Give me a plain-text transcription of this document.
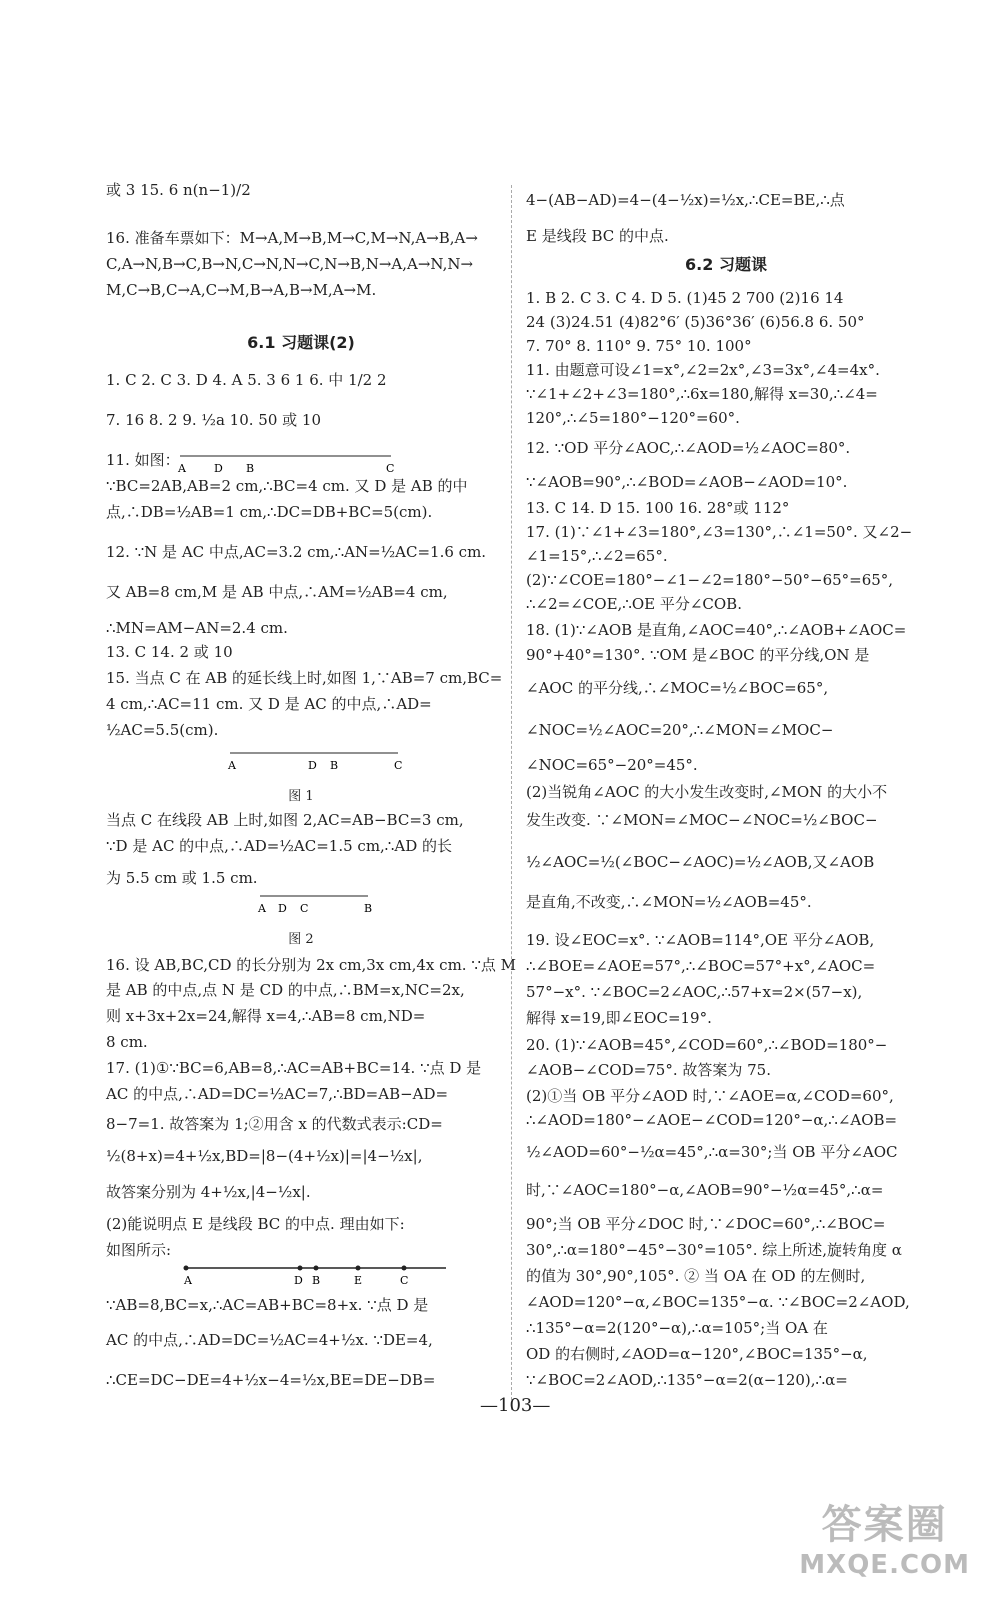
A	D B	C
A	D B	C
A D C	B
A	D B	E	C
或 3 15. 6 n(n−1)/2
16. 准备车票如下：M→A,M→B,M→C,M→N,A→B,A→
C,A→N,B→C,B→N,C→N,N→C,N→B,N→A,A→N,N→
M,C→B,C→A,C→M,B→A,B→M,A→M.
6.1 习题课(2)
1. C 2. C 3. D 4. A 5. 3 6 1 6. 中 1/2 2
7. 16 8. 2 9. ½a 10. 50 或 10
11. 如图：
∵BC=2AB,AB=2 cm,∴BC=4 cm. 又 D 是 AB 的中
点,∴DB=½AB=1 cm,∴DC=DB+BC=5(cm).
12. ∵N 是 AC 中点,AC=3.2 cm,∴AN=½AC=1.6 cm.
又 AB=8 cm,M 是 AB 中点,∴AM=½AB=4 cm,
∴MN=AM−AN=2.4 cm.
13. C 14. 2 或 10
15. 当点 C 在 AB 的延长线上时,如图 1,∵AB=7 cm,BC=
4 cm,∴AC=11 cm. 又 D 是 AC 的中点,∴AD=
½AC=5.5(cm).
图 1
当点 C 在线段 AB 上时,如图 2,AC=AB−BC=3 cm,
∵D 是 AC 的中点,∴AD=½AC=1.5 cm,∴AD 的长
为 5.5 cm 或 1.5 cm.
图 2
16. 设 AB,BC,CD 的长分别为 2x cm,3x cm,4x cm. ∵点 M
是 AB 的中点,点 N 是 CD 的中点,∴BM=x,NC=2x,
则 x+3x+2x=24,解得 x=4,∴AB=8 cm,ND=
8 cm.
17. (1)①∵BC=6,AB=8,∴AC=AB+BC=14. ∵点 D 是
AC 的中点,∴AD=DC=½AC=7,∴BD=AB−AD=
8−7=1. 故答案为 1;②用含 x 的代数式表示:CD=
½(8+x)=4+½x,BD=|8−(4+½x)|=|4−½x|,
故答案分别为 4+½x,|4−½x|.
(2)能说明点 E 是线段 BC 的中点. 理由如下:
如图所示:
∵AB=8,BC=x,∴AC=AB+BC=8+x. ∵点 D 是
AC 的中点,∴AD=DC=½AC=4+½x. ∵DE=4,
∴CE=DC−DE=4+½x−4=½x,BE=DE−DB=
4−(AB−AD)=4−(4−½x)=½x,∴CE=BE,∴点
E 是线段 BC 的中点.
6.2 习题课
1. B 2. C 3. C 4. D 5. (1)45 2 700 (2)16 14
24 (3)24.51 (4)82°6′ (5)36°36′ (6)56.8 6. 50°
7. 70° 8. 110° 9. 75° 10. 100°
11. 由题意可设∠1=x°,∠2=2x°,∠3=3x°,∠4=4x°.
∵∠1+∠2+∠3=180°,∴6x=180,解得 x=30,∴∠4=
120°,∴∠5=180°−120°=60°.
12. ∵OD 平分∠AOC,∴∠AOD=½∠AOC=80°.
∵∠AOB=90°,∴∠BOD=∠AOB−∠AOD=10°.
13. C 14. D 15. 100 16. 28°或 112°
17. (1)∵∠1+∠3=180°,∠3=130°,∴∠1=50°. 又∠2−
∠1=15°,∴∠2=65°.
(2)∵∠COE=180°−∠1−∠2=180°−50°−65°=65°,
∴∠2=∠COE,∴OE 平分∠COB.
18. (1)∵∠AOB 是直角,∠AOC=40°,∴∠AOB+∠AOC=
90°+40°=130°. ∵OM 是∠BOC 的平分线,ON 是
∠AOC 的平分线,∴∠MOC=½∠BOC=65°,
∠NOC=½∠AOC=20°,∴∠MON=∠MOC−
∠NOC=65°−20°=45°.
(2)当锐角∠AOC 的大小发生改变时,∠MON 的大小不
发生改变. ∵∠MON=∠MOC−∠NOC=½∠BOC−
½∠AOC=½(∠BOC−∠AOC)=½∠AOB,又∠AOB
是直角,不改变,∴∠MON=½∠AOB=45°.
19. 设∠EOC=x°. ∵∠AOB=114°,OE 平分∠AOB,
∴∠BOE=∠AOE=57°,∴∠BOC=57°+x°,∠AOC=
57°−x°. ∵∠BOC=2∠AOC,∴57+x=2×(57−x),
解得 x=19,即∠EOC=19°.
20. (1)∵∠AOB=45°,∠COD=60°,∴∠BOD=180°−
∠AOB−∠COD=75°. 故答案为 75.
(2)①当 OB 平分∠AOD 时,∵∠AOE=α,∠COD=60°,
∴∠AOD=180°−∠AOE−∠COD=120°−α,∴∠AOB=
½∠AOD=60°−½α=45°,∴α=30°;当 OB 平分∠AOC
时,∵∠AOC=180°−α,∠AOB=90°−½α=45°,∴α=
90°;当 OB 平分∠DOC 时,∵∠DOC=60°,∴∠BOC=
30°,∴α=180°−45°−30°=105°. 综上所述,旋转角度 α
的值为 30°,90°,105°. ② 当 OA 在 OD 的左侧时,
∠AOD=120°−α,∠BOC=135°−α. ∵∠BOC=2∠AOD,
∴135°−α=2(120°−α),∴α=105°;当 OA 在
OD 的右侧时,∠AOD=α−120°,∠BOC=135°−α,
∵∠BOC=2∠AOD,∴135°−α=2(α−120),∴α=
—103—
答案圈
MXQE.COM
